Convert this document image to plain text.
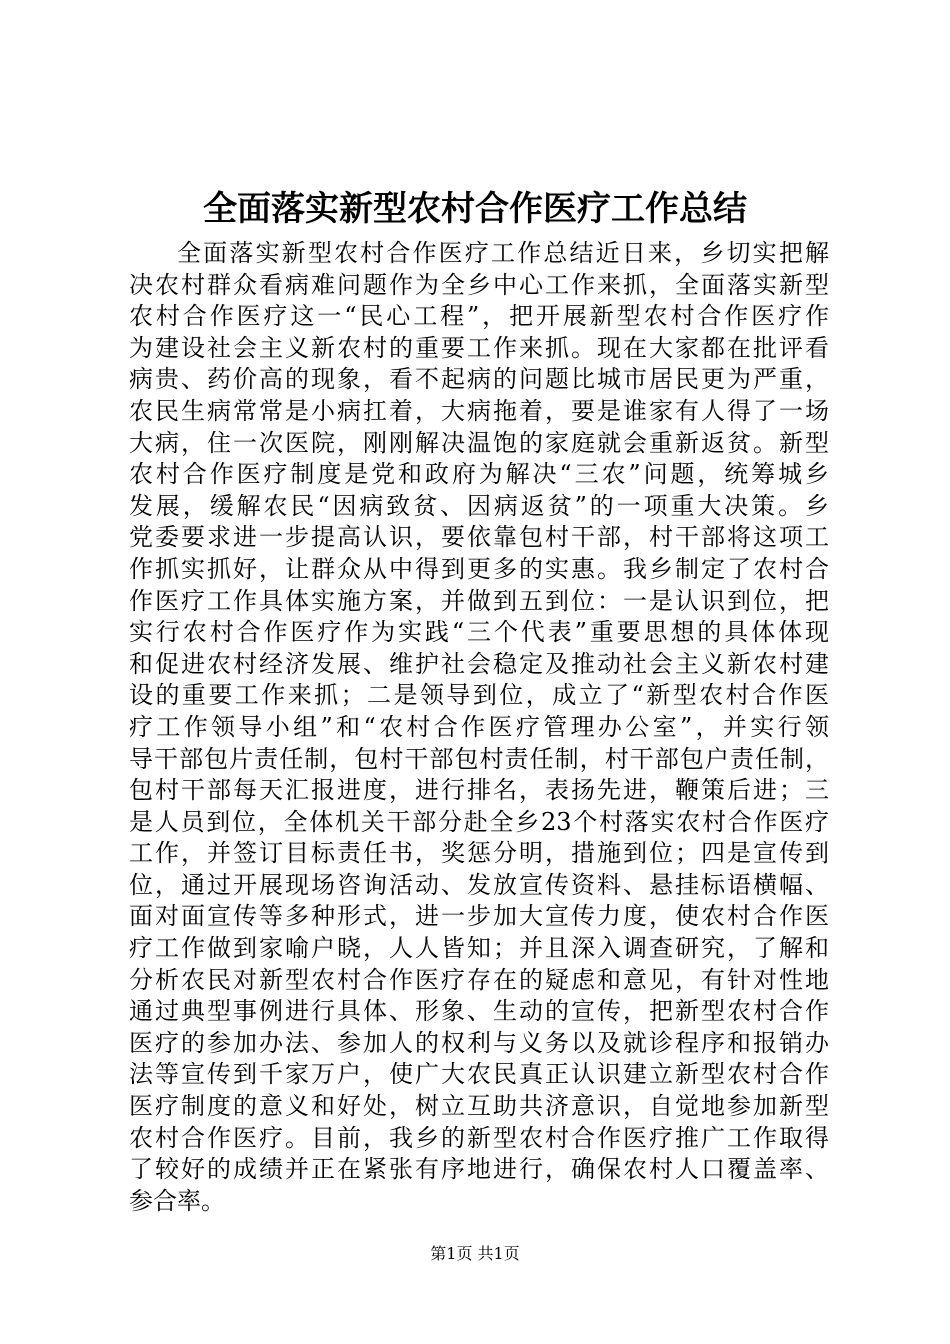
全面落实新型农村合作医疗工作总结
全面落实新型农村合作医疗工作总结近日来，乡切实把解
决农村群众看病难问题作为全乡中心工作来抓，全面落实新型
农村合作医疗这一“民心工程”，把开展新型农村合作医疗作
为建设社会主义新农村的重要工作来抓。现在大家都在批评看
病贵、药价高的现象，看不起病的问题比城市居民更为严重，
农民生病常常是小病扛着，大病拖着，要是谁家有人得了一场
大病，住一次医院，刚刚解决温饱的家庭就会重新返贫。新型
农村合作医疗制度是党和政府为解决“三农”问题，统筹城乡
发展，缓解农民“因病致贫、因病返贫”的一项重大决策。乡
党委要求进一步提高认识，要依靠包村干部，村干部将这项工
作抓实抓好，让群众从中得到更多的实惠。我乡制定了农村合
作医疗工作具体实施方案，并做到五到位：一是认识到位，把
实行农村合作医疗作为实践“三个代表”重要思想的具体体现
和促进农村经济发展、维护社会稳定及推动社会主义新农村建
设的重要工作来抓；二是领导到位，成立了“新型农村合作医
疗工作领导小组”和“农村合作医疗管理办公室”，并实行领
导干部包片责任制，包村干部包村责任制，村干部包户责任制，
包村干部每天汇报进度，进行排名，表扬先进，鞭策后进；三
是人员到位，全体机关干部分赴全乡23个村落实农村合作医疗
工作，并签订目标责任书，奖惩分明，措施到位；四是宣传到
位，通过开展现场咨询活动、发放宣传资料、悬挂标语横幅、
面对面宣传等多种形式，进一步加大宣传力度，使农村合作医
疗工作做到家喻户晓，人人皆知；并且深入调查研究，了解和
分析农民对新型农村合作医疗存在的疑虑和意见，有针对性地
通过典型事例进行具体、形象、生动的宣传，把新型农村合作
医疗的参加办法、参加人的权利与义务以及就诊程序和报销办
法等宣传到千家万户，使广大农民真正认识建立新型农村合作
医疗制度的意义和好处，树立互助共济意识，自觉地参加新型
农村合作医疗。目前，我乡的新型农村合作医疗推广工作取得
了较好的成绩并正在紧张有序地进行，确保农村人口覆盖率、
参合率。
第1页 共1页
